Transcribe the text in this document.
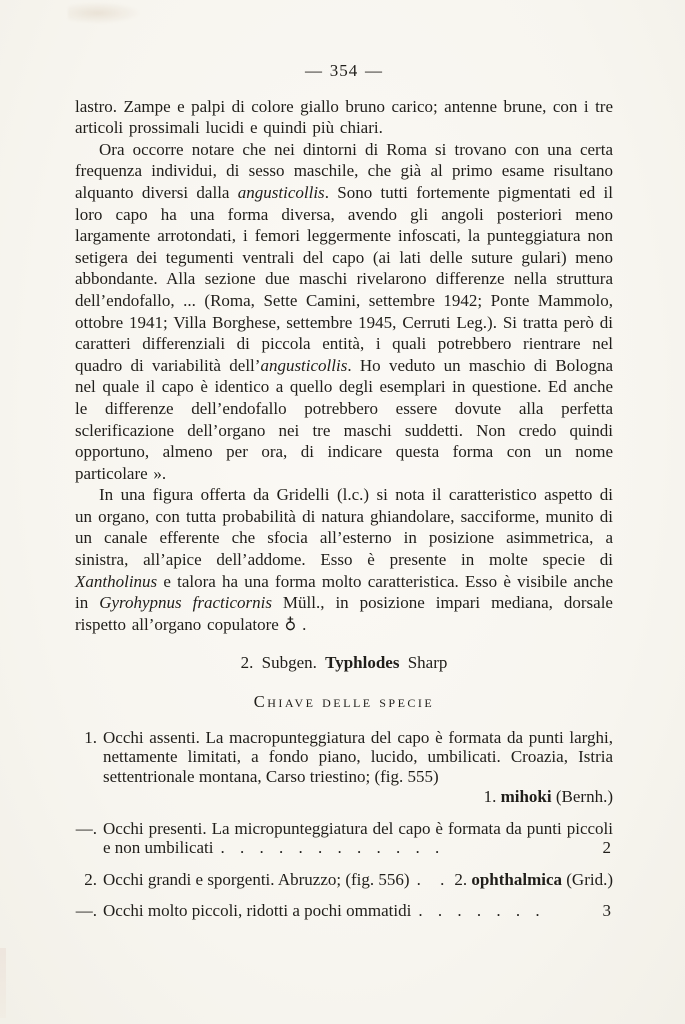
— 354 —

lastro. Zampe e palpi di colore giallo bruno carico; antenne brune, con i tre articoli prossimali lucidi e quindi più chiari.

Ora occorre notare che nei dintorni di Roma si trovano con una certa frequenza individui, di sesso maschile, che già al primo esame risultano alquanto diversi dalla angusticollis. Sono tutti fortemente pigmentati ed il loro capo ha una forma diversa, avendo gli angoli posteriori meno largamente arrotondati, i femori leggermente infoscati, la punteggiatura non setigera dei tegumenti ventrali del capo (ai lati delle suture gulari) meno abbondante. Alla sezione due maschi rivelarono differenze nella struttura dell’endofallo, ... (Roma, Sette Camini, settembre 1942; Ponte Mammolo, ottobre 1941; Villa Borghese, settembre 1945, Cerruti Leg.). Si tratta però di caratteri differenziali di piccola entità, i quali potrebbero rientrare nel quadro di variabilità dell’angusticollis. Ho veduto un maschio di Bologna nel quale il capo è identico a quello degli esemplari in questione. Ed anche le differenze dell’endofallo potrebbero essere dovute alla perfetta sclerificazione dell’organo nei tre maschi suddetti. Non credo quindi opportuno, almeno per ora, di indicare questa forma con un nome particolare ».

In una figura offerta da Gridelli (l.c.) si nota il caratteristico aspetto di un organo, con tutta probabilità di natura ghiandolare, sacciforme, munito di un canale efferente che sfocia all’esterno in posizione asimmetrica, a sinistra, all’apice dell’addome. Esso è presente in molte specie di Xantholinus e talora ha una forma molto caratteristica. Esso è visibile anche in Gyrohypnus fracticornis Müll., in posizione impari mediana, dorsale rispetto all’organo copulatore ♁ .

2. Subgen. Typhlodes Sharp
Chiave delle specie
1. Occhi assenti. La macropunteggiatura del capo è formata da punti larghi, nettamente limitati, a fondo piano, lucido, umbilicati. Croazia, Istria settentrionale montana, Carso triestino; (fig. 555)
1. mihoki (Bernh.)
—. Occhi presenti. La micropunteggiatura del capo è formata da punti piccoli e non umbilicati . . . . . . . . . . . .	2
2. Occhi grandi e sporgenti. Abruzzo; (fig. 556) . . 2. ophthalmica (Grid.)
—. Occhi molto piccoli, ridotti a pochi ommatidi . . . . . . .	3
